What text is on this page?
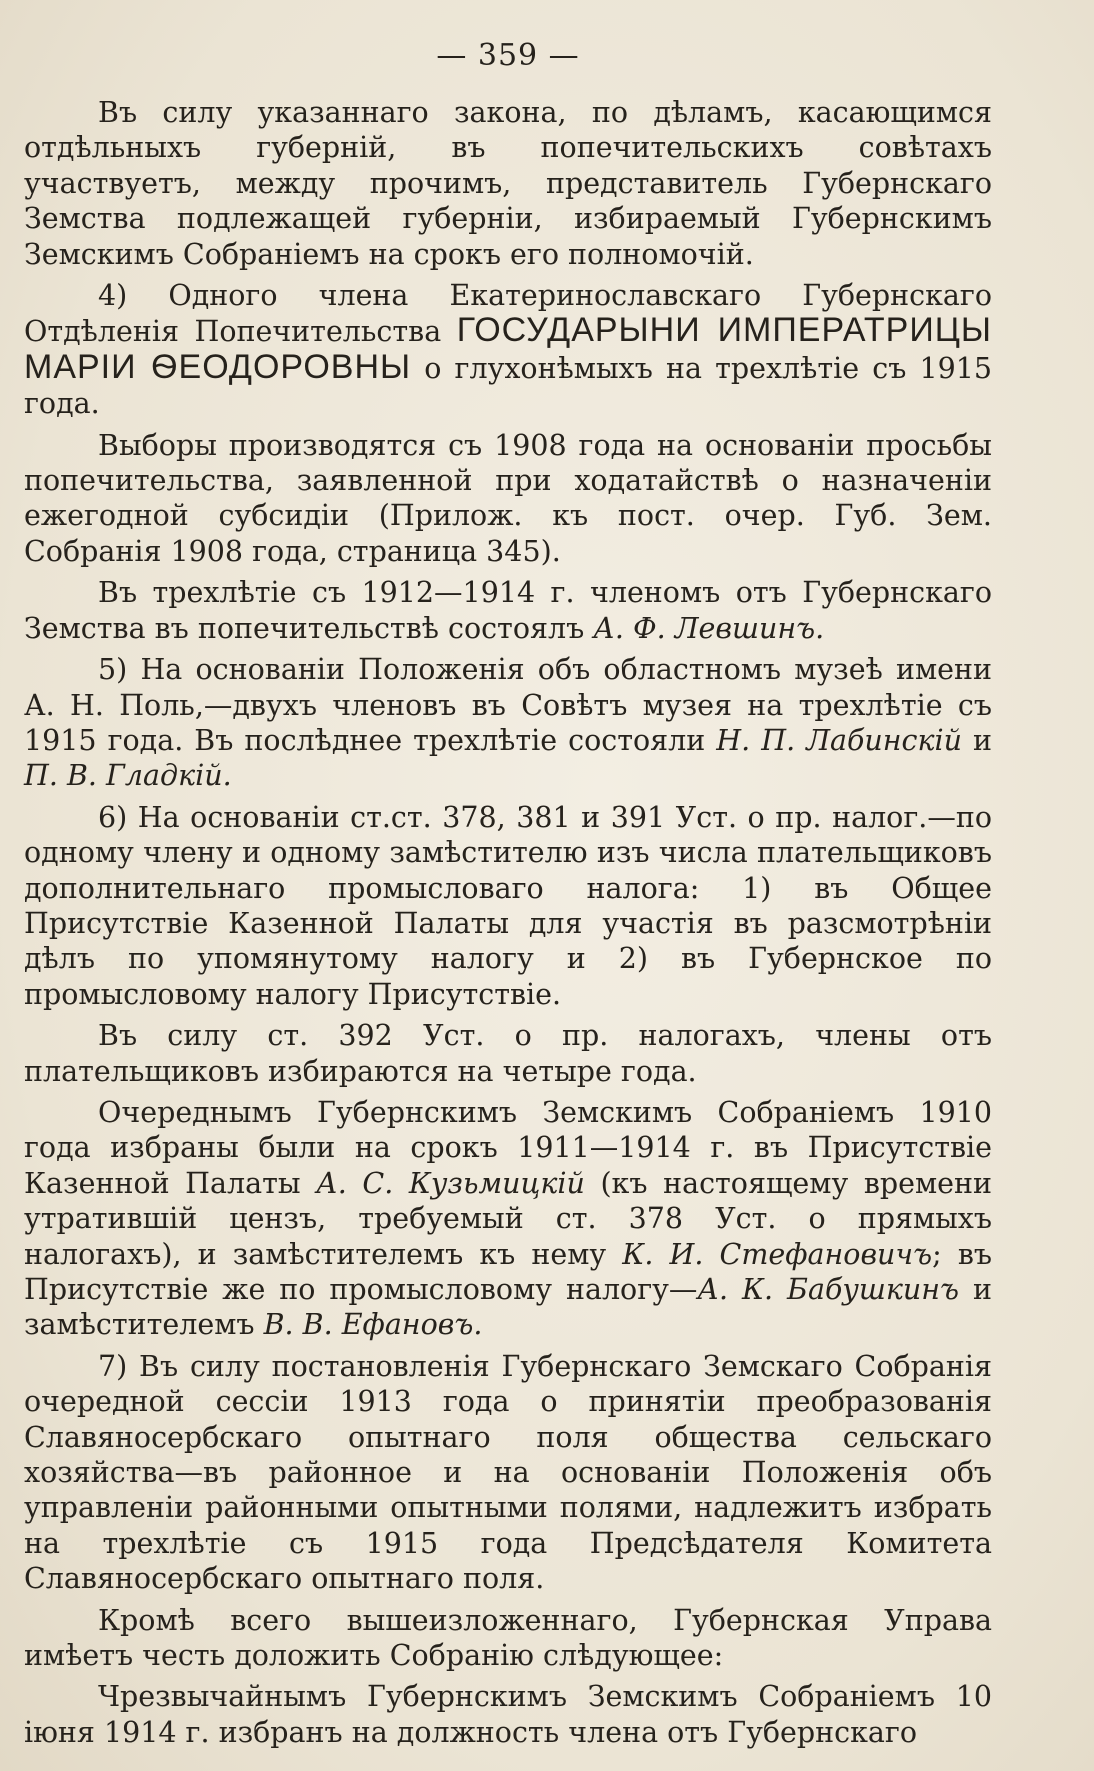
— 359 —

Въ силу указаннаго закона, по дѣламъ, касающимся отдѣльныхъ губерній, въ попечительскихъ совѣтахъ участвуетъ, между прочимъ, представитель Губернскаго Земства подлежащей губерніи, избираемый Губернскимъ Земскимъ Собраніемъ на срокъ его полномочій.

4) Одного члена Екатеринославскаго Губернскаго Отдѣленія Попечительства ГОСУДАРЫНИ ИМПЕРАТРИЦЫ МАРІИ ѲЕОДОРОВНЫ о глухонѣмыхъ на трехлѣтіе съ 1915 года.

Выборы производятся съ 1908 года на основаніи просьбы попечительства, заявленной при ходатайствѣ о назначеніи ежегодной субсидіи (Прилож. къ пост. очер. Губ. Зем. Собранія 1908 года, страница 345).

Въ трехлѣтіе съ 1912—1914 г. членомъ отъ Губернскаго Земства въ попечительствѣ состоялъ А. Ф. Левшинъ.

5) На основаніи Положенія объ областномъ музеѣ имени А. Н. Поль,—двухъ членовъ въ Совѣтъ музея на трехлѣтіе съ 1915 года. Въ послѣднее трехлѣтіе состояли Н. П. Лабинскій и П. В. Гладкій.

6) На основаніи ст.ст. 378, 381 и 391 Уст. о пр. налог.—по одному члену и одному замѣстителю изъ числа плательщиковъ дополнительнаго промысловаго налога: 1) въ Общее Присутствіе Казенной Палаты для участія въ разсмотрѣніи дѣлъ по упомянутому налогу и 2) въ Губернское по промысловому налогу Присутствіе.

Въ силу ст. 392 Уст. о пр. налогахъ, члены отъ плательщиковъ избираются на четыре года.

Очереднымъ Губернскимъ Земскимъ Собраніемъ 1910 года избраны были на срокъ 1911—1914 г. въ Присутствіе Казенной Палаты А. С. Кузьмицкій (къ настоящему времени утратившій цензъ, требуемый ст. 378 Уст. о прямыхъ налогахъ), и замѣстителемъ къ нему К. И. Стефановичъ; въ Присутствіе же по промысловому налогу—А. К. Бабушкинъ и замѣстителемъ В. В. Ефановъ.

7) Въ силу постановленія Губернскаго Земскаго Собранія очередной сессіи 1913 года о принятіи преобразованія Славяносербскаго опытнаго поля общества сельскаго хозяйства—въ районное и на основаніи Положенія объ управленіи районными опытными полями, надлежитъ избрать на трехлѣтіе съ 1915 года Предсѣдателя Комитета Славяносербскаго опытнаго поля.

Кромѣ всего вышеизложеннаго, Губернская Управа имѣетъ честь доложить Собранію слѣдующее:

Чрезвычайнымъ Губернскимъ Земскимъ Собраніемъ 10 іюня 1914 г. избранъ на должность члена отъ Губернскаго
